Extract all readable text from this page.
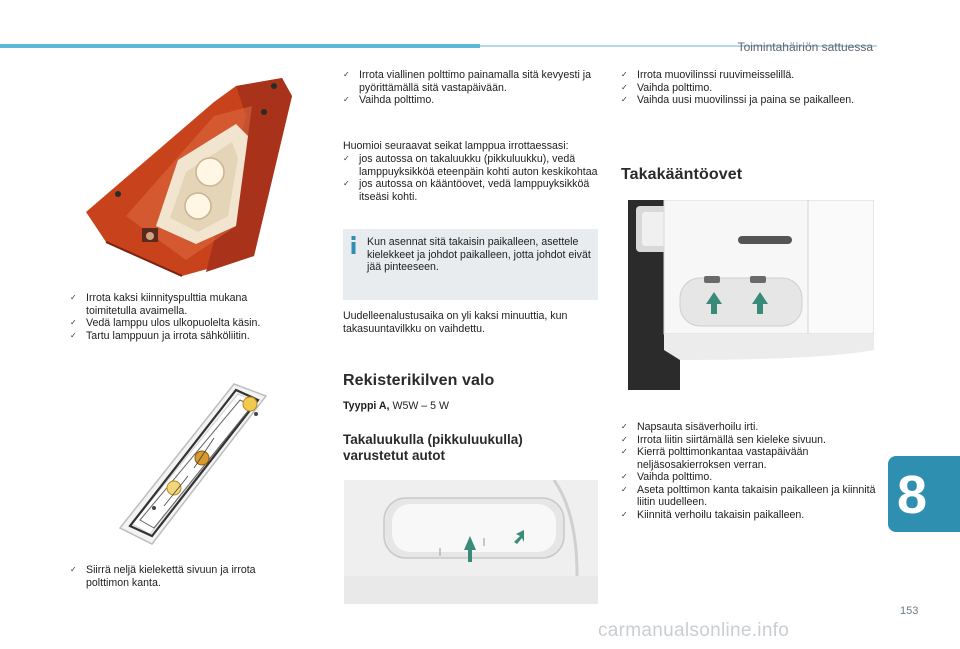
Toimintahäiriön sattuessa
✓ Irrota kaksi kiinnityspulttia mukana toimitetulla avaimella.
✓ Vedä lamppu ulos ulkopuolelta käsin.
✓ Tartu lamppuun ja irrota sähköliitin.
✓ Siirrä neljä kielekettä sivuun ja irrota polttimon kanta.
✓ Irrota viallinen polttimo painamalla sitä kevyesti ja pyörittämällä sitä vastapäivään.
✓ Vaihda polttimo.
Huomioi seuraavat seikat lamppua irrottaessasi:
✓ jos autossa on takaluukku (pikkuluukku), vedä lamppuyksikköä eteenpäin kohti auton keskikohtaa
✓ jos autossa on kääntöovet, vedä lamppuyksikköä itseäsi kohti.
Kun asennat sitä takaisin paikalleen, asettele kielekkeet ja johdot paikalleen, jotta johdot eivät jää pinteeseen.
Uudelleenalustusaika on yli kaksi minuuttia, kun takasuuntavilkku on vaihdettu.
Rekisterikilven valo
Tyyppi A, W5W – 5 W
Takaluukulla (pikkuluukulla) varustetut autot
✓ Irrota muovilinssi ruuvimeisselillä.
✓ Vaihda polttimo.
✓ Vaihda uusi muovilinssi ja paina se paikalleen.
Takakääntöovet
✓ Napsauta sisäverhoilu irti.
✓ Irrota liitin siirtämällä sen kieleke sivuun.
✓ Kierrä polttimonkantaa vastapäivään neljäsosakierroksen verran.
✓ Vaihda polttimo.
✓ Aseta polttimon kanta takaisin paikalleen ja kiinnitä liitin uudelleen.
✓ Kiinnitä verhoilu takaisin paikalleen.	8
153
carmanualsonline.info
